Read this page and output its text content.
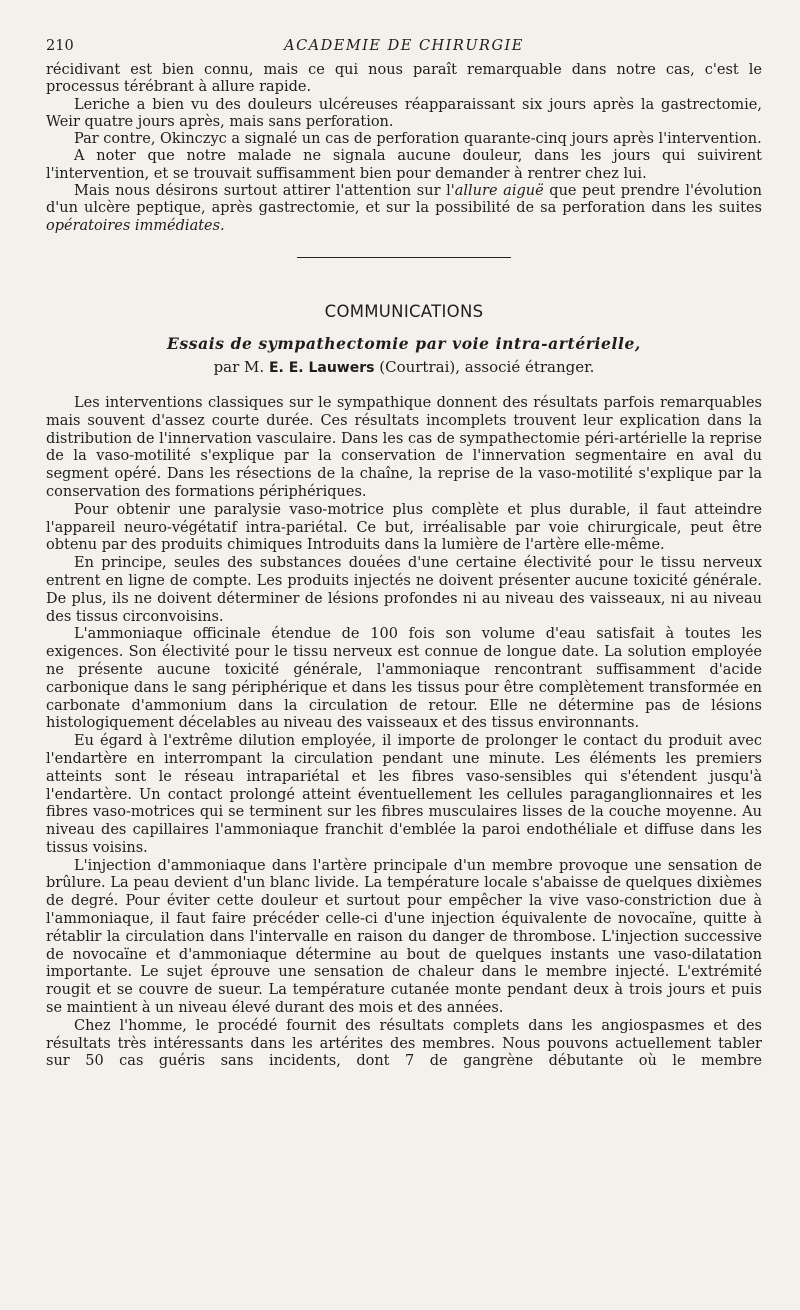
210	ACADEMIE DE CHIRURGIE

récidivant est bien connu, mais ce qui nous paraît remarquable dans notre cas, c'est le processus térébrant à allure rapide.

Leriche a bien vu des douleurs ulcéreuses réapparaissant six jours après la gastrectomie, Weir quatre jours après, mais sans perforation.

Par contre, Okinczyc a signalé un cas de perforation quarante-cinq jours après l'intervention.

A noter que notre malade ne signala aucune douleur, dans les jours qui suivirent l'intervention, et se trouvait suffisamment bien pour demander à rentrer chez lui.

Mais nous désirons surtout attirer l'attention sur l'allure aiguë que peut prendre l'évolution d'un ulcère peptique, après gastrectomie, et sur la possibilité de sa perforation dans les suites opératoires immédiates.

COMMUNICATIONS
Essais de sympathectomie par voie intra-artérielle,
par M. E. E. Lauwers (Courtrai), associé étranger.

Les interventions classiques sur le sympathique donnent des résultats parfois remarquables mais souvent d'assez courte durée. Ces résultats incomplets trouvent leur explication dans la distribution de l'innervation vasculaire. Dans les cas de sympathectomie péri-artérielle la reprise de la vaso-motilité s'explique par la conservation de l'innervation segmentaire en aval du segment opéré. Dans les résections de la chaîne, la reprise de la vaso-motilité s'explique par la conservation des formations périphériques.

Pour obtenir une paralysie vaso-motrice plus complète et plus durable, il faut atteindre l'appareil neuro-végétatif intra-pariétal. Ce but, irréalisable par voie chirurgicale, peut être obtenu par des produits chimiques Introduits dans la lumière de l'artère elle-même.

En principe, seules des substances douées d'une certaine électivité pour le tissu nerveux entrent en ligne de compte. Les produits injectés ne doivent présenter aucune toxicité générale. De plus, ils ne doivent déterminer de lésions profondes ni au niveau des vaisseaux, ni au niveau des tissus circonvoisins.

L'ammoniaque officinale étendue de 100 fois son volume d'eau satisfait à toutes les exigences. Son électivité pour le tissu nerveux est connue de longue date. La solution employée ne présente aucune toxicité générale, l'ammoniaque rencontrant suffisamment d'acide carbonique dans le sang périphérique et dans les tissus pour être complètement transformée en carbonate d'ammonium dans la circulation de retour. Elle ne détermine pas de lésions histologiquement décelables au niveau des vaisseaux et des tissus environnants.

Eu égard à l'extrême dilution employée, il importe de prolonger le contact du produit avec l'endartère en interrompant la circulation pendant une minute. Les éléments les premiers atteints sont le réseau intrapariétal et les fibres vaso-sensibles qui s'étendent jusqu'à l'endartère. Un contact prolongé atteint éventuellement les cellules paraganglionnaires et les fibres vaso-motrices qui se terminent sur les fibres musculaires lisses de la couche moyenne. Au niveau des capillaires l'ammoniaque franchit d'emblée la paroi endothéliale et diffuse dans les tissus voisins.

L'injection d'ammoniaque dans l'artère principale d'un membre provoque une sensation de brûlure. La peau devient d'un blanc livide. La température locale s'abaisse de quelques dixièmes de degré. Pour éviter cette douleur et surtout pour empêcher la vive vaso-constriction due à l'ammoniaque, il faut faire précéder celle-ci d'une injection équivalente de novocaïne, quitte à rétablir la circulation dans l'intervalle en raison du danger de thrombose. L'injection successive de novocaïne et d'ammoniaque détermine au bout de quelques instants une vaso-dilatation importante. Le sujet éprouve une sensation de chaleur dans le membre injecté. L'extrémité rougit et se couvre de sueur. La température cutanée monte pendant deux à trois jours et puis se maintient à un niveau élevé durant des mois et des années.

Chez l'homme, le procédé fournit des résultats complets dans les angiospasmes et des résultats très intéressants dans les artérites des membres. Nous pouvons actuellement tabler sur 50 cas guéris sans incidents, dont 7 de gangrène débutante où le membre
